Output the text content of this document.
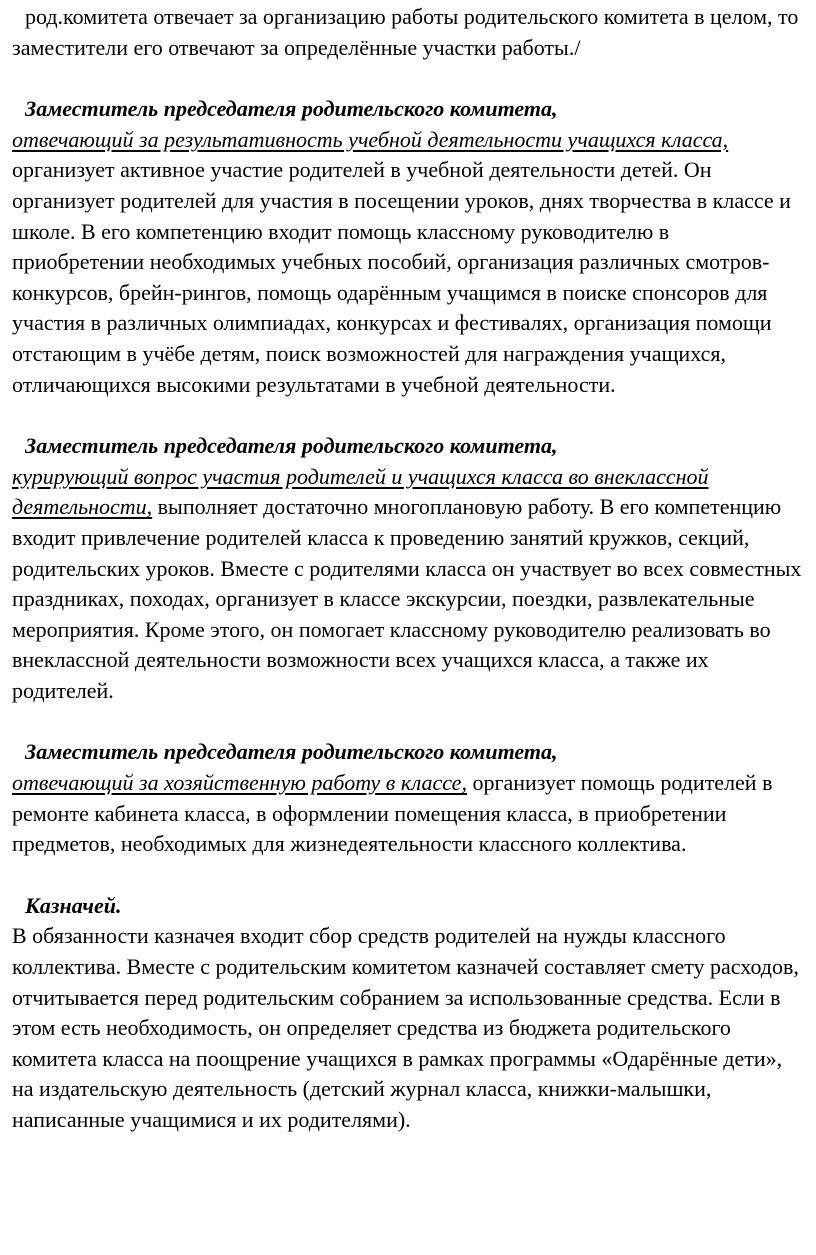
род.комитета отвечает за организацию работы родительского комитета в целом, то заместители его отвечают за определённые участки работы./

Заместитель председателя родительского комитета,

отвечающий за результативность учебной деятельности учащихся класса, организует активное участие родителей в учебной деятельности детей. Он организует родителей для участия в посещении уроков, днях творчества в классе и школе. В его компетенцию входит помощь классному руководителю в приобретении необходимых учебных пособий, организация различных смотров-конкурсов, брейн-рингов, помощь одарённым учащимся в поиске спонсоров для участия в различных олимпиадах, конкурсах и фестивалях, организация помощи отстающим в учёбе детям, поиск возможностей для награждения учащихся, отличающихся высокими результатами в учебной деятельности.

Заместитель председателя родительского комитета,

курирующий вопрос участия родителей и учащихся класса во внеклассной деятельности, выполняет достаточно многоплановую работу. В его компетенцию входит привлечение родителей класса к проведению занятий кружков, секций, родительских уроков. Вместе с родителями класса он участвует во всех совместных праздниках, походах, организует в классе экскурсии, поездки, развлекательные мероприятия. Кроме этого, он помогает классному руководителю реализовать во внеклассной деятельности возможности всех учащихся класса, а также их родителей.

Заместитель председателя родительского комитета,

отвечающий за хозяйственную работу в классе, организует помощь родителей в ремонте кабинета класса, в оформлении помещения класса, в приобретении предметов, необходимых для жизнедеятельности классного коллектива.

Казначей.

В обязанности казначея входит сбор средств родителей на нужды классного коллектива. Вместе с родительским комитетом казначей составляет смету расходов, отчитывается перед родительским собранием за использованные средства. Если в этом есть необходимость, он определяет средства из бюджета родительского комитета класса на поощрение учащихся в рамках программы «Одарённые дети», на издательскую деятельность (детский журнал класса, книжки-малышки, написанные учащимися и их родителями).
